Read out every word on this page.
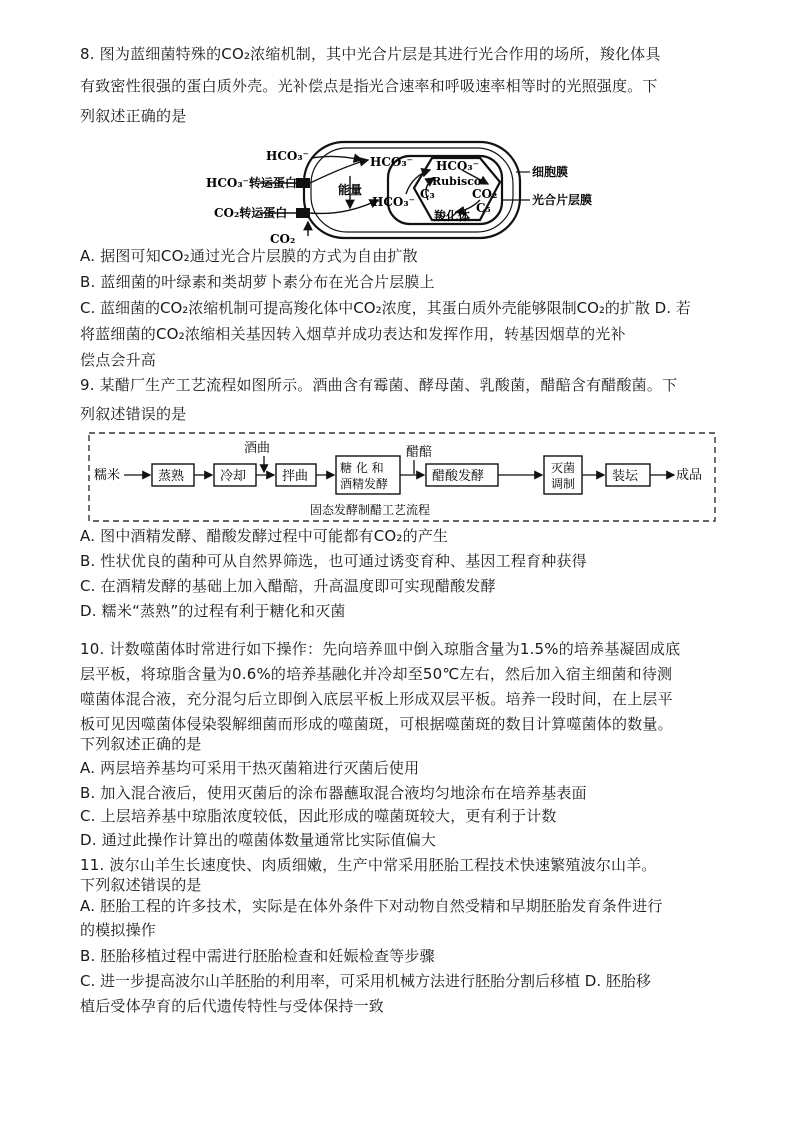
8. 图为蓝细菌特殊的CO₂浓缩机制，其中光合片层是其进行光合作用的场所，羧化体具
有致密性很强的蛋白质外壳。光补偿点是指光合速率和呼吸速率相等时的光照强度。下
列叙述正确的是
HCO₃⁻
HCO₃⁻转运蛋白
CO₂转运蛋白
CO₂
能量
HCO₃⁻
HCO₃⁻
HCO₃⁻
Rubisco
CO₂
C₃
C₅
羧化体
细胞膜
光合片层膜
A. 据图可知CO₂通过光合片层膜的方式为自由扩散
B. 蓝细菌的叶绿素和类胡萝卜素分布在光合片层膜上
C. 蓝细菌的CO₂浓缩机制可提高羧化体中CO₂浓度，其蛋白质外壳能够限制CO₂的扩散 D. 若
将蓝细菌的CO₂浓缩相关基因转入烟草并成功表达和发挥作用，转基因烟草的光补
偿点会升高
9. 某醋厂生产工艺流程如图所示。酒曲含有霉菌、酵母菌、乳酸菌，醋醅含有醋酸菌。下
列叙述错误的是
糯米	蒸熟	冷却
酒曲
拌曲
糖 化 和
酒精发酵
醋醅
醋酸发酵
灭菌
调制	装坛	成品
固态发酵制醋工艺流程
A. 图中酒精发酵、醋酸发酵过程中可能都有CO₂的产生
B. 性状优良的菌种可从自然界筛选，也可通过诱变育种、基因工程育种获得
C. 在酒精发酵的基础上加入醋醅，升高温度即可实现醋酸发酵
D. 糯米“蒸熟”的过程有利于糖化和灭菌
10. 计数噬菌体时常进行如下操作：先向培养皿中倒入琼脂含量为1.5%的培养基凝固成底
层平板，将琼脂含量为0.6%的培养基融化并冷却至50℃左右，然后加入宿主细菌和待测
噬菌体混合液，充分混匀后立即倒入底层平板上形成双层平板。培养一段时间，在上层平
板可见因噬菌体侵染裂解细菌而形成的噬菌斑，可根据噬菌斑的数目计算噬菌体的数量。
下列叙述正确的是
A. 两层培养基均可采用干热灭菌箱进行灭菌后使用
B. 加入混合液后，使用灭菌后的涂布器蘸取混合液均匀地涂布在培养基表面
C. 上层培养基中琼脂浓度较低，因此形成的噬菌斑较大，更有利于计数
D. 通过此操作计算出的噬菌体数量通常比实际值偏大
11. 波尔山羊生长速度快、肉质细嫩，生产中常采用胚胎工程技术快速繁殖波尔山羊。
下列叙述错误的是
A. 胚胎工程的许多技术，实际是在体外条件下对动物自然受精和早期胚胎发育条件进行
的模拟操作
B. 胚胎移植过程中需进行胚胎检查和妊娠检查等步骤
C. 进一步提高波尔山羊胚胎的利用率，可采用机械方法进行胚胎分割后移植 D. 胚胎移
植后受体孕育的后代遗传特性与受体保持一致
